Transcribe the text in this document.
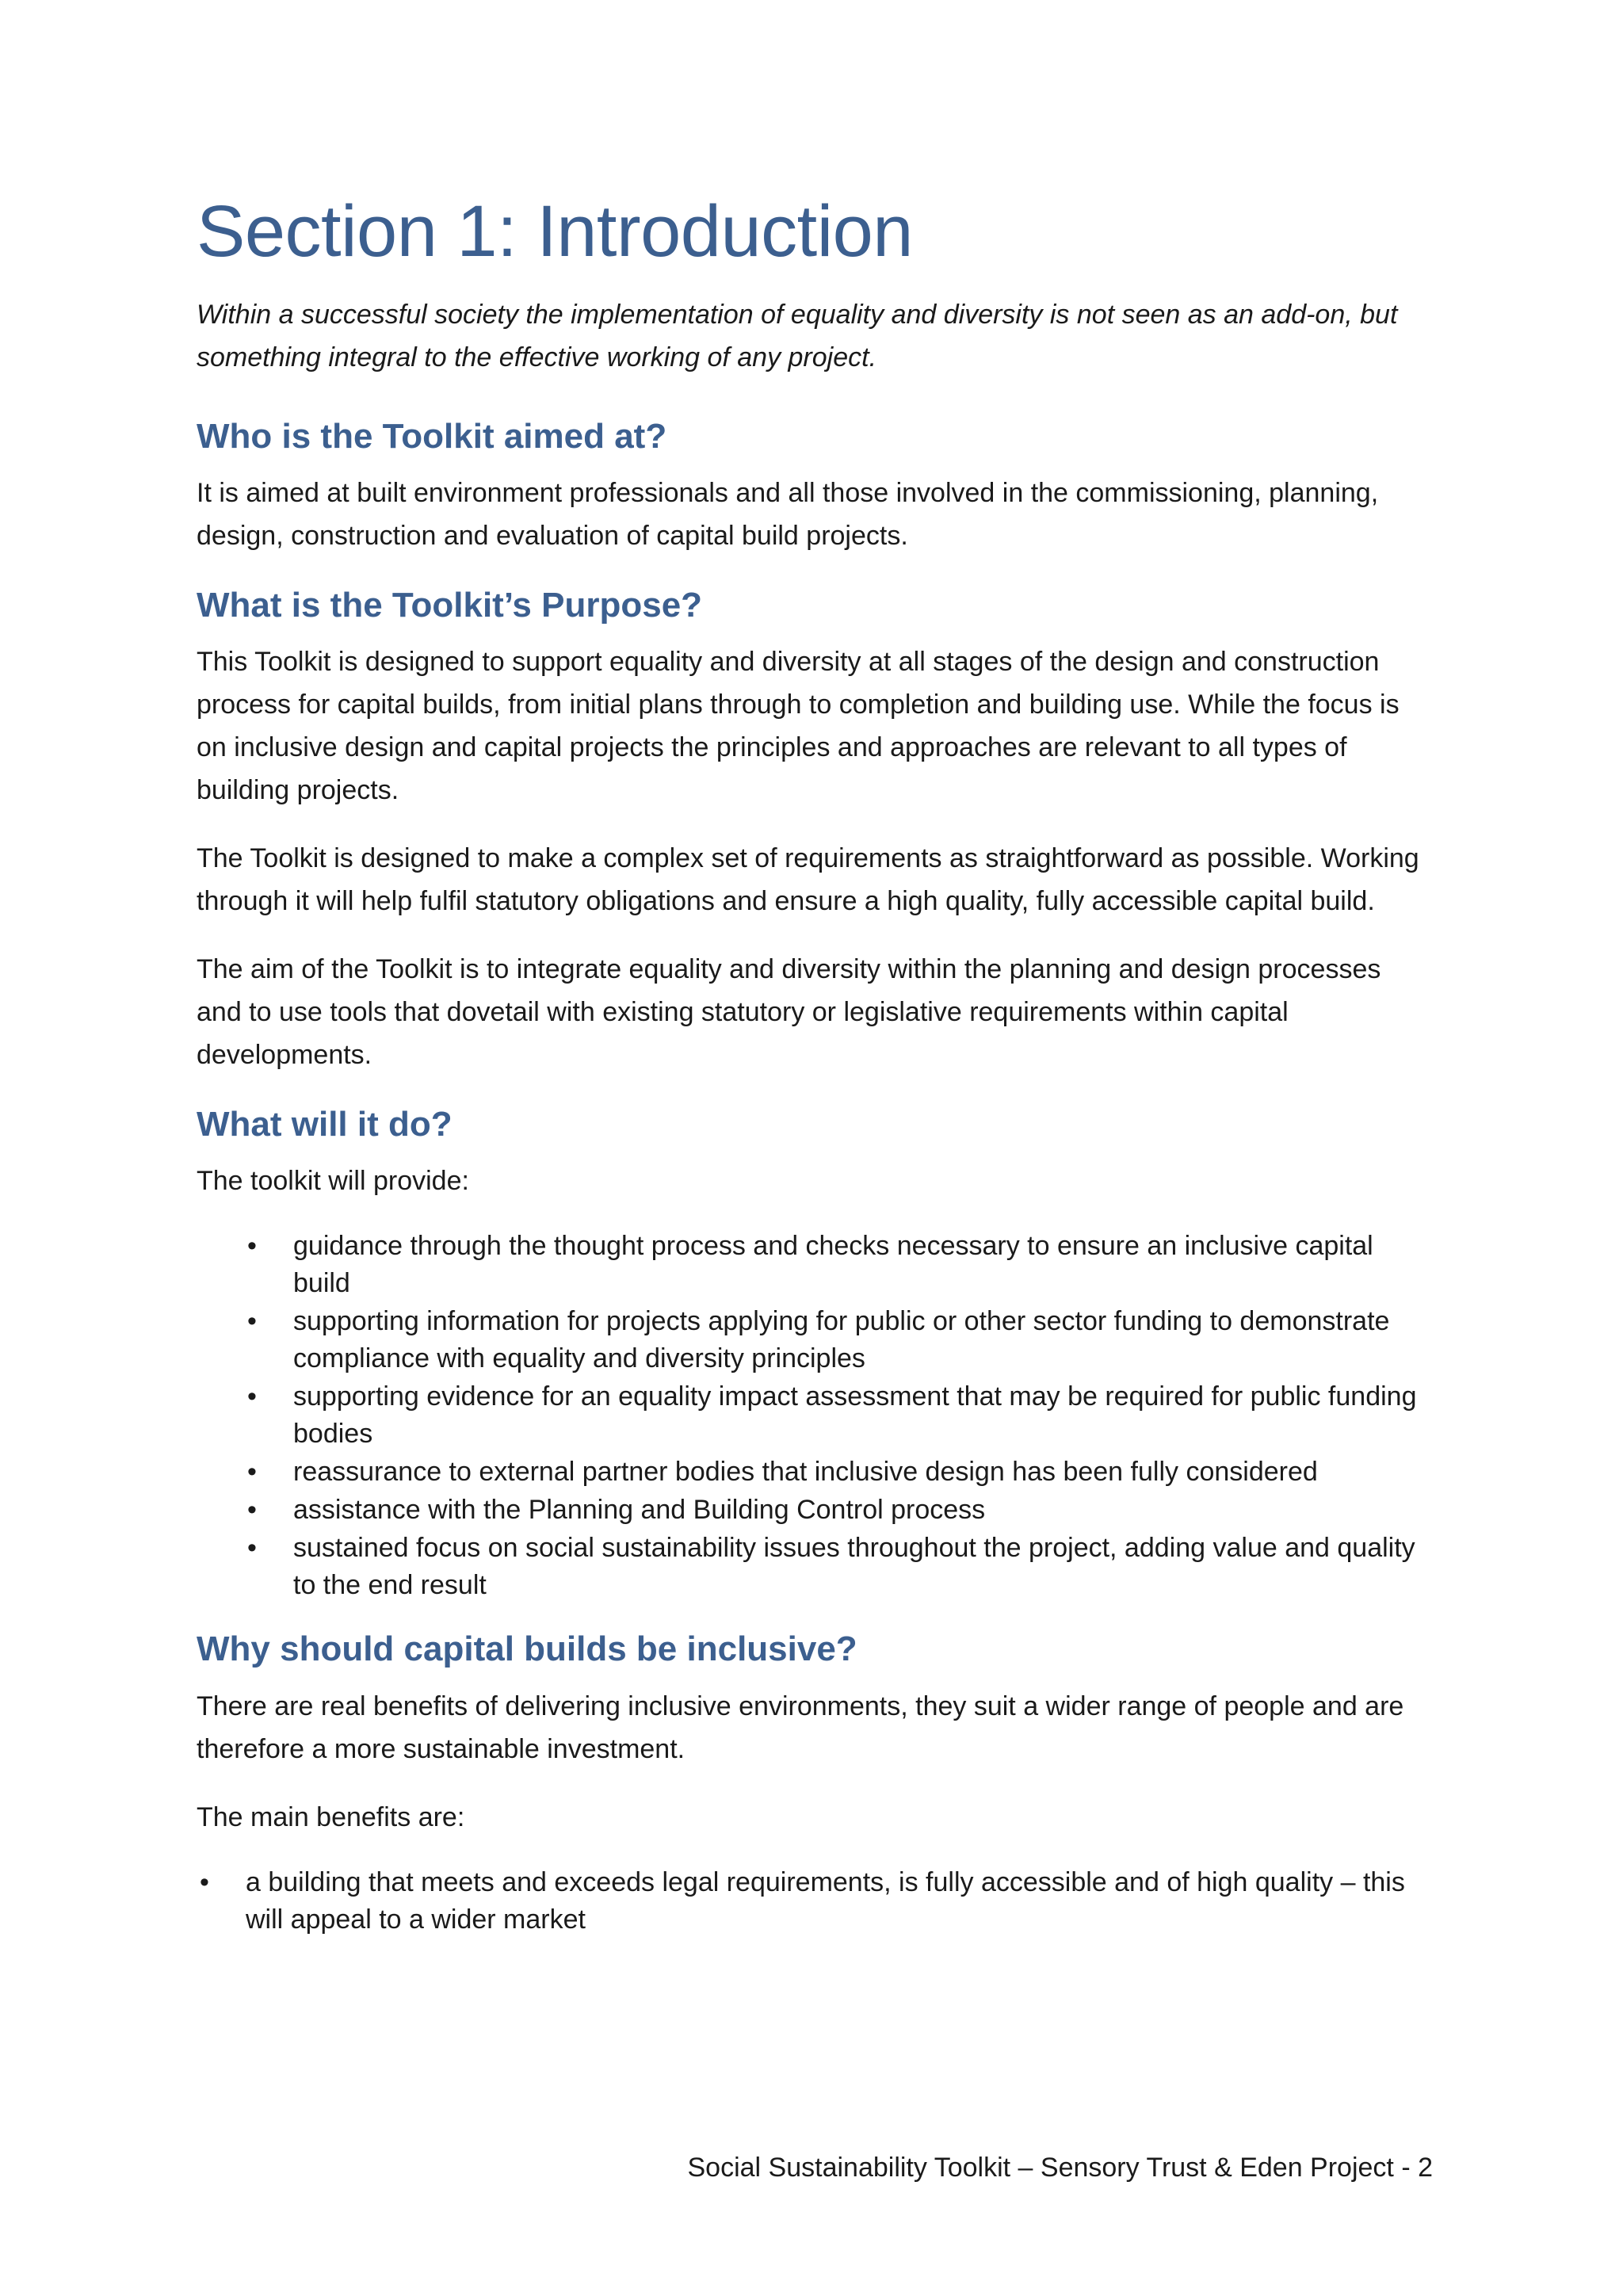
Section 1: Introduction

Within a successful society the implementation of equality and diversity is not seen as an add-on, but something integral to the effective working of any project.

Who is the Toolkit aimed at?

It is aimed at built environment professionals and all those involved in the commissioning, planning, design, construction and evaluation of capital build projects.

What is the Toolkit’s Purpose?

This Toolkit is designed to support equality and diversity at all stages of the design and construction process for capital builds, from initial plans through to completion and building use. While the focus is on inclusive design and capital projects the principles and approaches are relevant to all types of building projects.

The Toolkit is designed to make a complex set of requirements as straightforward as possible. Working through it will help fulfil statutory obligations and ensure a high quality, fully accessible capital build.

The aim of the Toolkit is to integrate equality and diversity within the planning and design processes and to use tools that dovetail with existing statutory or legislative requirements within capital developments.

What will it do?

The toolkit will provide:

• guidance through the thought process and checks necessary to ensure an inclusive capital build
• supporting information for projects applying for public or other sector funding to demonstrate compliance with equality and diversity principles
• supporting evidence for an equality impact assessment that may be required for public funding bodies
• reassurance to external partner bodies that inclusive design has been fully considered
• assistance with the Planning and Building Control process
• sustained focus on social sustainability issues throughout the project, adding value and quality to the end result
Why should capital builds be inclusive?

There are real benefits of delivering inclusive environments, they suit a wider range of people and are therefore a more sustainable investment.

The main benefits are:

• a building that meets and exceeds legal requirements, is fully accessible and of high quality – this will appeal to a wider market
Social Sustainability Toolkit – Sensory Trust & Eden Project - 2
